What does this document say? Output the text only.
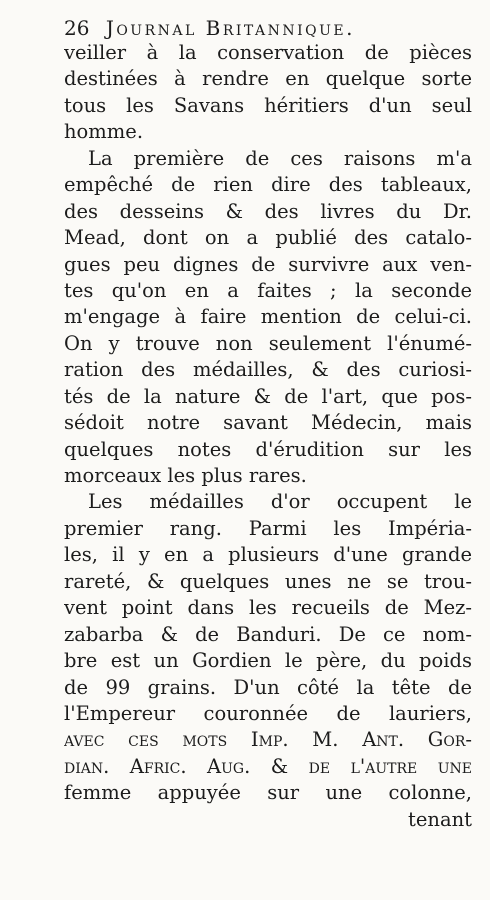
26 Journal Britannique.
veiller à la conservation de pièces
destinées à rendre en quelque sorte
tous les Savans héritiers d'un seul
homme.
La première de ces raisons m'a
empêché de rien dire des tableaux,
des desseins & des livres du Dr.
Mead, dont on a publié des catalo-
gues peu dignes de survivre aux ven-
tes qu'on en a faites ; la seconde
m'engage à faire mention de celui-ci.
On y trouve non seulement l'énumé-
ration des médailles, & des curiosi-
tés de la nature & de l'art, que pos-
sédoit notre savant Médecin, mais
quelques notes d'érudition sur les
morceaux les plus rares.
Les médailles d'or occupent le
premier rang. Parmi les Impéria-
les, il y en a plusieurs d'une grande
rareté, & quelques unes ne se trou-
vent point dans les recueils de Mez-
zabarba & de Banduri. De ce nom-
bre est un Gordien le père, du poids
de 99 grains. D'un côté la tête de
l'Empereur couronnée de lauriers,
avec ces mots Imp. M. Ant. Gor-
dian. Afric. Aug. & de l'autre une
femme appuyée sur une colonne,
tenant
